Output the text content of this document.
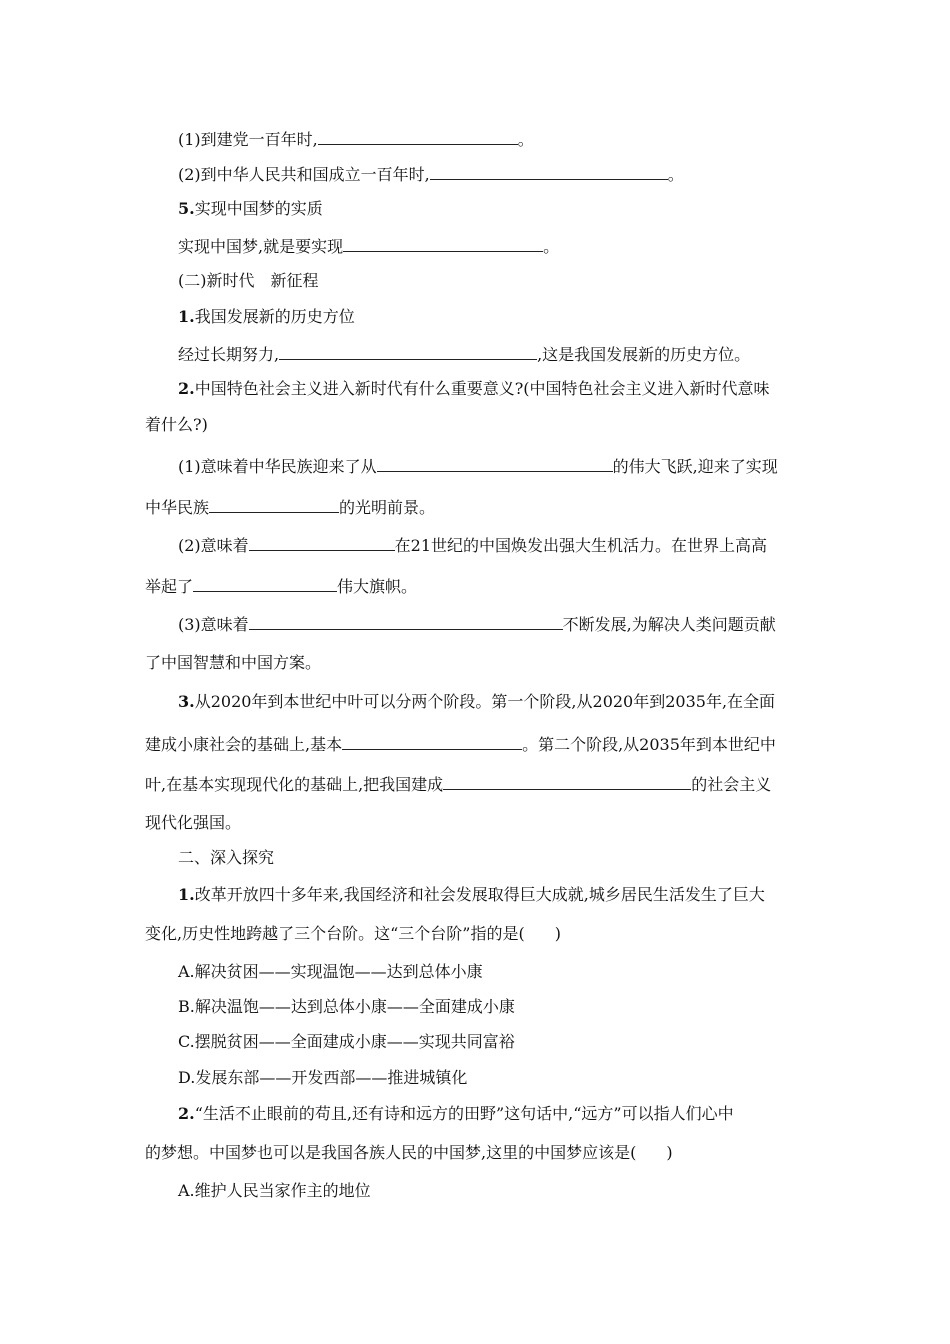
(1)到建党一百年时,	。
(2)到中华人民共和国成立一百年时,	。
5.实现中国梦的实质
实现中国梦,就是要实现	。
(二)新时代　新征程
1.我国发展新的历史方位
经过长期努力,	,这是我国发展新的历史方位。
2.中国特色社会主义进入新时代有什么重要意义?(中国特色社会主义进入新时代意味
着什么?)
(1)意味着中华民族迎来了从	的伟大飞跃,迎来了实现
中华民族	的光明前景。
(2)意味着	在21世纪的中国焕发出强大生机活力。在世界上高高
举起了	伟大旗帜。
(3)意味着	不断发展,为解决人类问题贡献
了中国智慧和中国方案。
3.从2020年到本世纪中叶可以分两个阶段。第一个阶段,从2020年到2035年,在全面
建成小康社会的基础上,基本	。第二个阶段,从2035年到本世纪中
叶,在基本实现现代化的基础上,把我国建成	的社会主义
现代化强国。
二、深入探究
1.改革开放四十多年来,我国经济和社会发展取得巨大成就,城乡居民生活发生了巨大
变化,历史性地跨越了三个台阶。这“三个台阶”指的是( )
A.解决贫困——实现温饱——达到总体小康
B.解决温饱——达到总体小康——全面建成小康
C.摆脱贫困——全面建成小康——实现共同富裕
D.发展东部——开发西部——推进城镇化
2.“生活不止眼前的苟且,还有诗和远方的田野”这句话中,“远方”可以指人们心中
的梦想。中国梦也可以是我国各族人民的中国梦,这里的中国梦应该是( )
A.维护人民当家作主的地位
